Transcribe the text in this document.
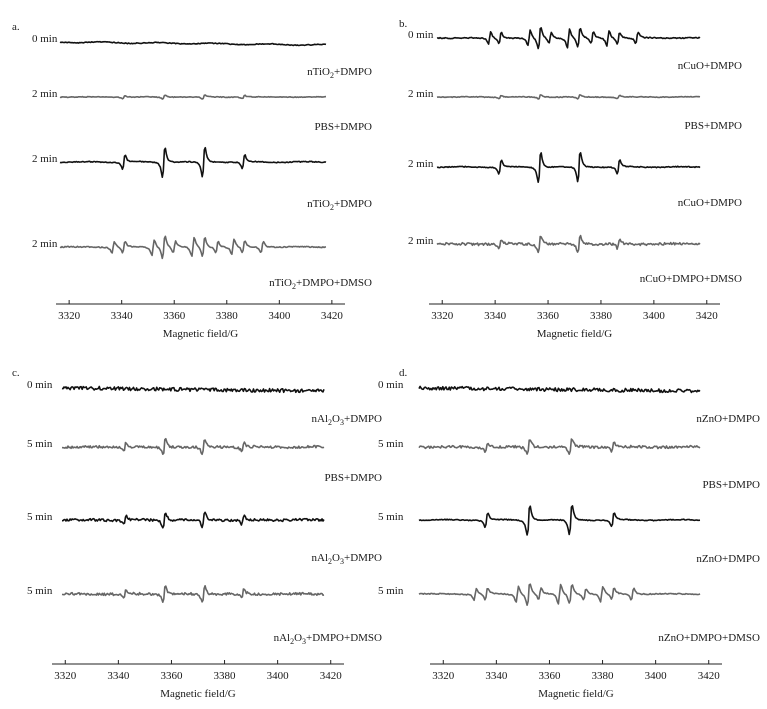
a.
3320	3340	3360	3380	3400	3420
Magnetic field/G
0 min
nTiO$_2$+DMPO
2 min
PBS+DMPO
2 min
nTiO$_2$+DMPO
2 min
nTiO$_2$+DMPO+DMSO
b.
3320	3340	3360	3380	3400	3420
Magnetic field/G
0 min
nCuO+DMPO
2 min
PBS+DMPO
2 min
nCuO+DMPO
2 min
nCuO+DMPO+DMSO
c.
3320	3340	3360	3380	3400	3420
Magnetic field/G
0 min
$nAl_2O_3+DMPO$
5 min
PBS+DMPO
5 min
$nAl_2O_3+DMPO$
5 min
$nAl_2O_3+DMPO+DMSO$
d.
3320	3340	3360	3380	3400	3420
Magnetic field/G
0 min
nZnO+DMPO
5 min
PBS+DMPO
5 min
nZnO+DMPO
5 min
nZnO+DMPO+DMSO
